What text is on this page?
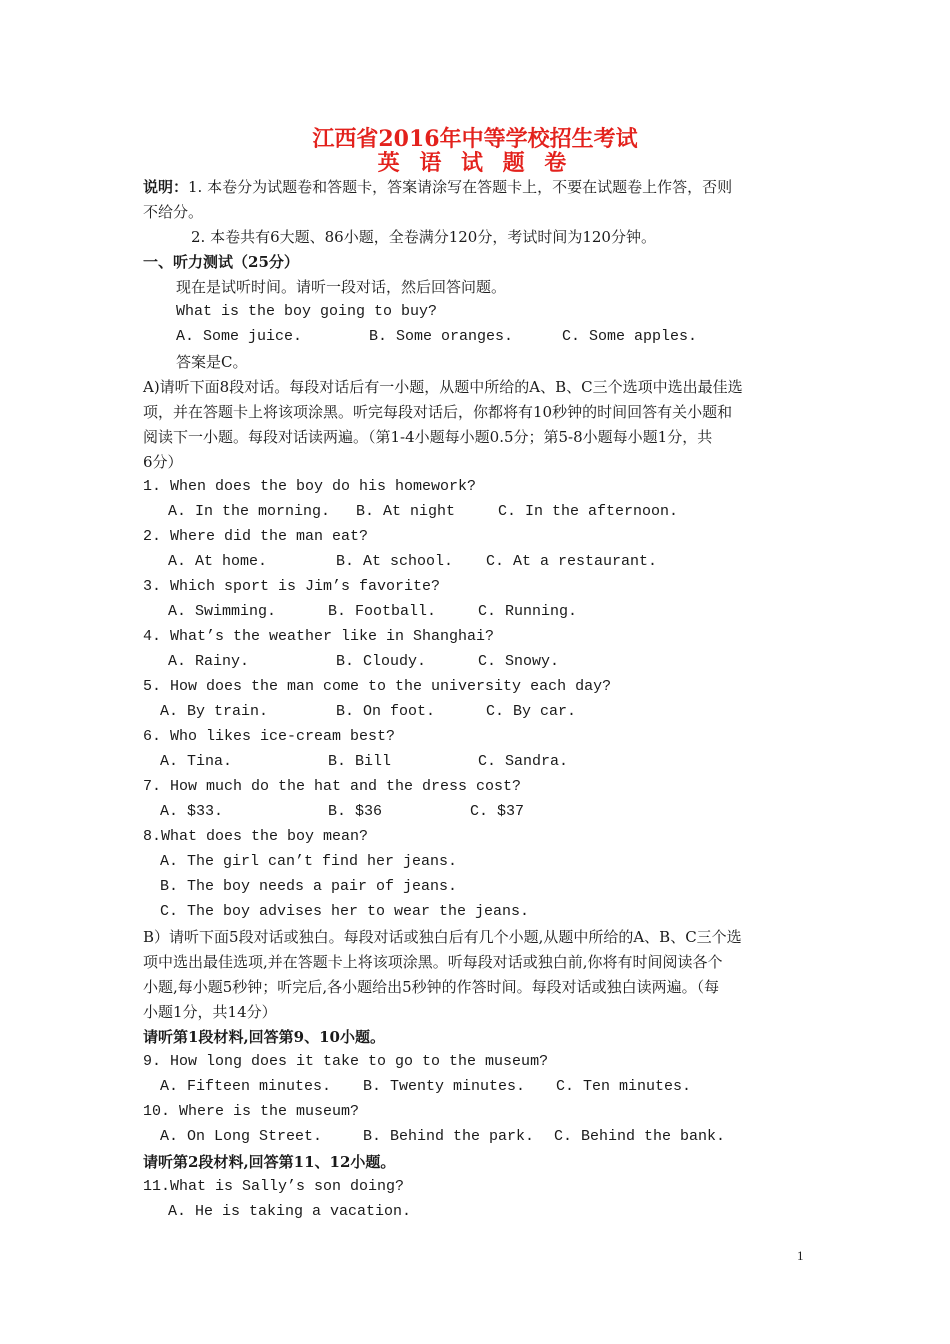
江西省2016年中等学校招生考试
英 语 试 题 卷
说明：1. 本卷分为试题卷和答题卡，答案请涂写在答题卡上，不要在试题卷上作答，否则
不给分。
2. 本卷共有6大题、86小题，全卷满分120分，考试时间为120分钟。
一、听力测试（25分）
现在是试听时间。请听一段对话，然后回答问题。
What is the boy going to buy?
A. Some juice.	B. Some oranges.	C. Some apples.
答案是C。
A)请听下面8段对话。每段对话后有一小题，从题中所给的A、B、C三个选项中选出最佳选
项，并在答题卡上将该项涂黑。听完每段对话后，你都将有10秒钟的时间回答有关小题和
阅读下一小题。每段对话读两遍。（第1-4小题每小题0.5分；第5-8小题每小题1分，共
6分）
1. When does the boy do his homework?
A. In the morning. B. At night	C. In the afternoon.
2. Where did the man eat?
A. At home.	B. At school. C. At a restaurant.
3. Which sport is Jim’s favorite?
A. Swimming.	B. Football.	C. Running.
4. What’s the weather like in Shanghai?
A. Rainy.	B. Cloudy.	C. Snowy.
5. How does the man come to the university each day?
A. By train.	B. On foot.	C. By car.
6. Who likes ice-cream best?
A. Tina.	B. Bill	C. Sandra.
7. How much do the hat and the dress cost?
A. $33.	B. $36	C. $37
8.What does the boy mean?
A. The girl can’t find her jeans.
B. The boy needs a pair of jeans.
C. The boy advises her to wear the jeans.
B）请听下面5段对话或独白。每段对话或独白后有几个小题,从题中所给的A、B、C三个选
项中选出最佳选项,并在答题卡上将该项涂黑。听每段对话或独白前,你将有时间阅读各个
小题,每小题5秒钟；听完后,各小题给出5秒钟的作答时间。每段对话或独白读两遍。（每
小题1分，共14分）
请听第1段材料,回答第9、10小题。
9. How long does it take to go to the museum?
A. Fifteen minutes. B. Twenty minutes. C. Ten minutes.
10. Where is the museum?
A. On Long Street.	B. Behind the park. C. Behind the bank.
请听第2段材料,回答第11、12小题。
11.What is Sally’s son doing?
A. He is taking a vacation.
1
